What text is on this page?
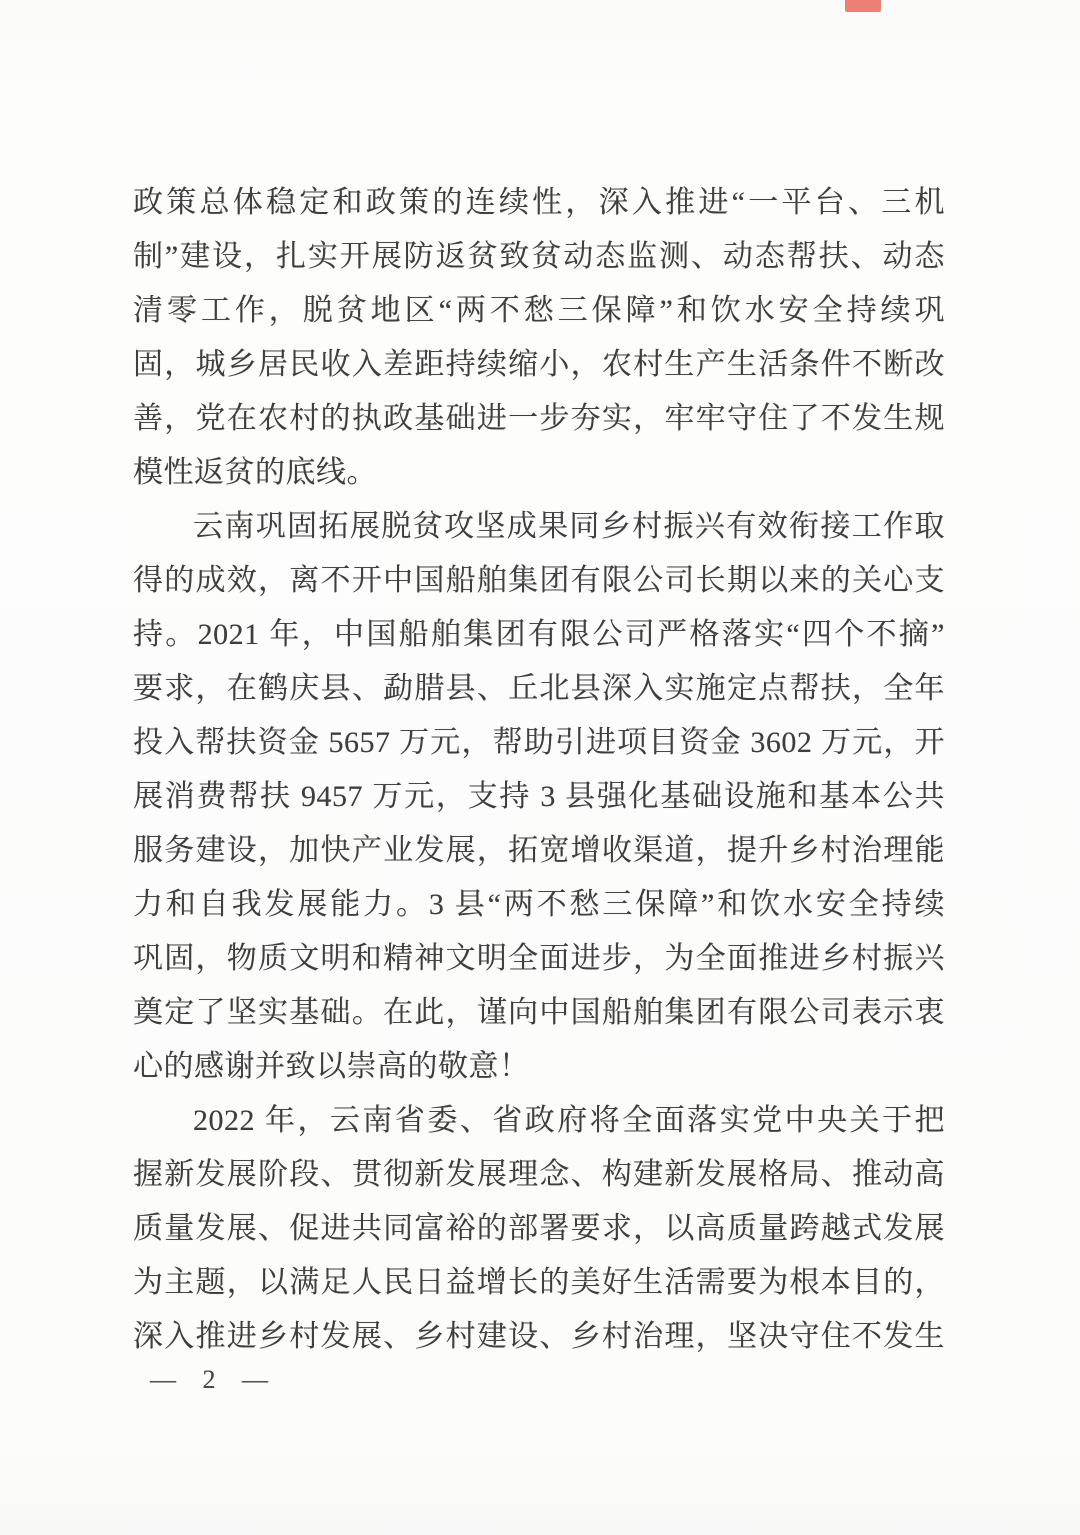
政策总体稳定和政策的连续性，深入推进“一平台、三机
制”建设，扎实开展防返贫致贫动态监测、动态帮扶、动态
清零工作，脱贫地区“两不愁三保障”和饮水安全持续巩
固，城乡居民收入差距持续缩小，农村生产生活条件不断改
善，党在农村的执政基础进一步夯实，牢牢守住了不发生规
模性返贫的底线。
云南巩固拓展脱贫攻坚成果同乡村振兴有效衔接工作取
得的成效，离不开中国船舶集团有限公司长期以来的关心支
持。2021 年，中国船舶集团有限公司严格落实“四个不摘”
要求，在鹤庆县、勐腊县、丘北县深入实施定点帮扶，全年
投入帮扶资金 5657 万元，帮助引进项目资金 3602 万元，开
展消费帮扶 9457 万元，支持 3 县强化基础设施和基本公共
服务建设，加快产业发展，拓宽增收渠道，提升乡村治理能
力和自我发展能力。3 县“两不愁三保障”和饮水安全持续
巩固，物质文明和精神文明全面进步，为全面推进乡村振兴
奠定了坚实基础。在此，谨向中国船舶集团有限公司表示衷
心的感谢并致以崇高的敬意！
2022 年，云南省委、省政府将全面落实党中央关于把
握新发展阶段、贯彻新发展理念、构建新发展格局、推动高
质量发展、促进共同富裕的部署要求，以高质量跨越式发展
为主题，以满足人民日益增长的美好生活需要为根本目的，
深入推进乡村发展、乡村建设、乡村治理，坚决守住不发生
— 2 —
